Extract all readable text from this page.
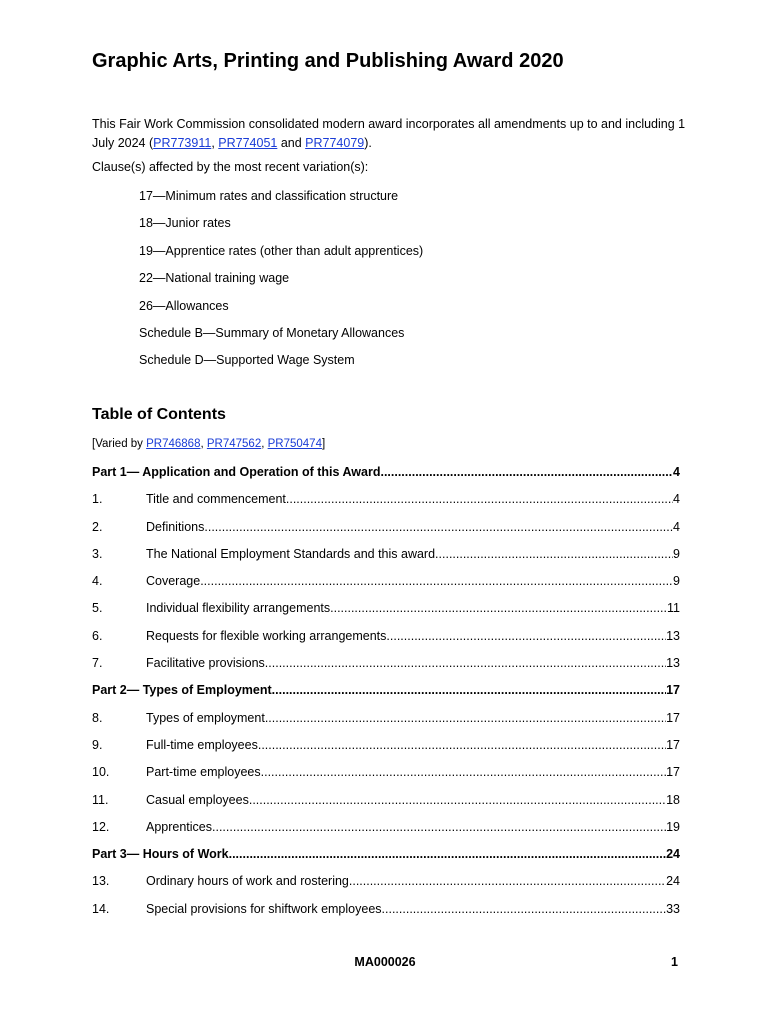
Graphic Arts, Printing and Publishing Award 2020

This Fair Work Commission consolidated modern award incorporates all amendments up to and including 1 July 2024 (PR773911, PR774051 and PR774079).

Clause(s) affected by the most recent variation(s):

17—Minimum rates and classification structure
18—Junior rates
19—Apprentice rates (other than adult apprentices)
22—National training wage
26—Allowances
Schedule B—Summary of Monetary Allowances
Schedule D—Supported Wage System
Table of Contents

[Varied by PR746868, PR747562, PR750474]

Part 1— Application and Operation of this Award .....	4
1.	Title and commencement .....	4
2.	Definitions .....	4
3.	The National Employment Standards and this award .....	9
4.	Coverage .....	9
5.	Individual flexibility arrangements .....	11
6.	Requests for flexible working arrangements .....	13
7.	Facilitative provisions .....	13
Part 2— Types of Employment .....	17
8.	Types of employment .....	17
9.	Full-time employees .....	17
10.	Part-time employees .....	17
11.	Casual employees .....	18
12.	Apprentices .....	19
Part 3— Hours of Work .....	24
13.	Ordinary hours of work and rostering .....	24
14.	Special provisions for shiftwork employees .....	33

MA000026	1
